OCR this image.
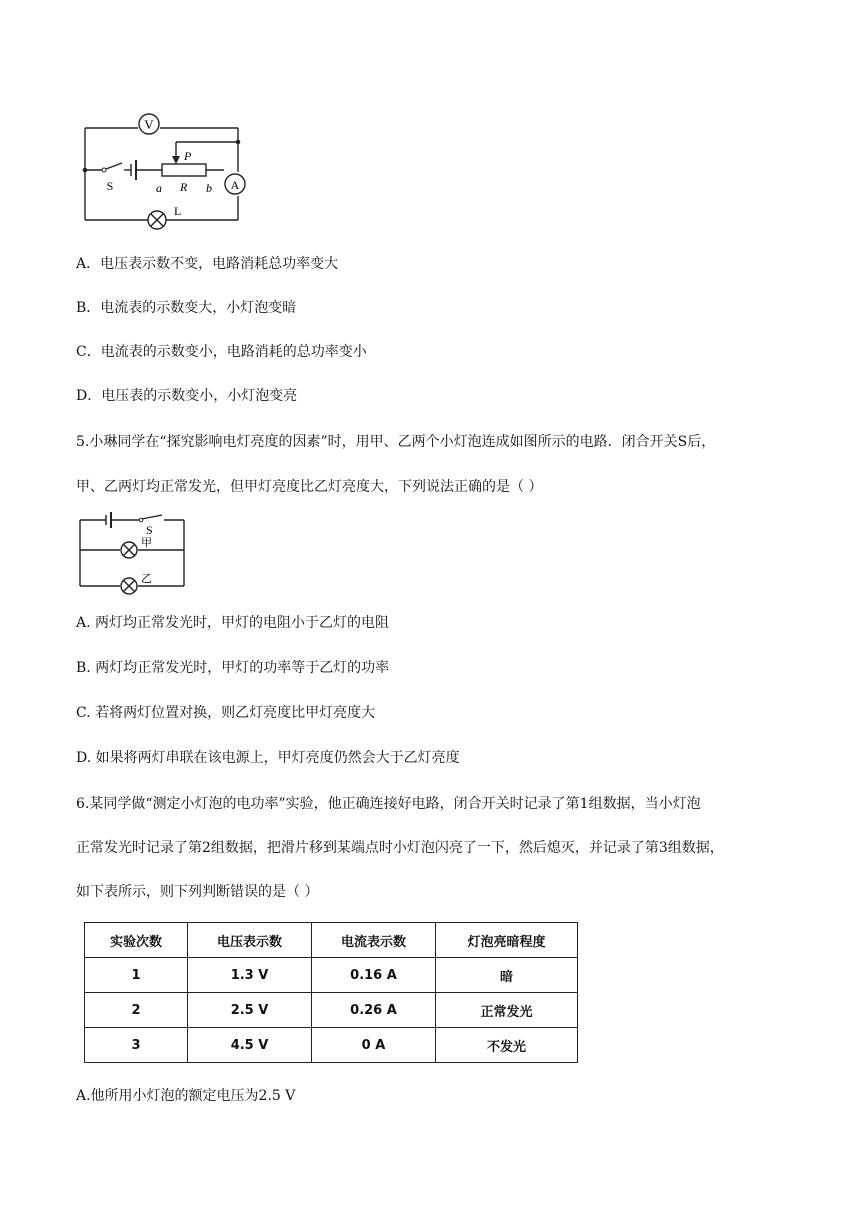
V
A
S
P
a R b
L
A．电压表示数不变，电路消耗总功率变大
B．电流表的示数变大，小灯泡变暗
C．电流表的示数变小，电路消耗的总功率变小
D．电压表的示数变小，小灯泡变亮
5.小琳同学在“探究影响电灯亮度的因素”时，用甲、乙两个小灯泡连成如图所示的电路．闭合开关S后，
甲、乙两灯均正常发光，但甲灯亮度比乙灯亮度大，下列说法正确的是（ ）
S
甲
乙
A. 两灯均正常发光时，甲灯的电阻小于乙灯的电阻
B. 两灯均正常发光时，甲灯的功率等于乙灯的功率
C. 若将两灯位置对换，则乙灯亮度比甲灯亮度大
D. 如果将两灯串联在该电源上，甲灯亮度仍然会大于乙灯亮度
6.某同学做“测定小灯泡的电功率”实验，他正确连接好电路，闭合开关时记录了第1组数据，当小灯泡
正常发光时记录了第2组数据，把滑片移到某端点时小灯泡闪亮了一下，然后熄灭，并记录了第3组数据，
如下表所示，则下列判断错误的是（ ）
实验次数	电压表示数	电流表示数	灯泡亮暗程度
1	1.3 V	0.16 A	暗
2	2.5 V	0.26 A	正常发光
3	4.5 V	0 A	不发光
A.他所用小灯泡的额定电压为2.5 V
